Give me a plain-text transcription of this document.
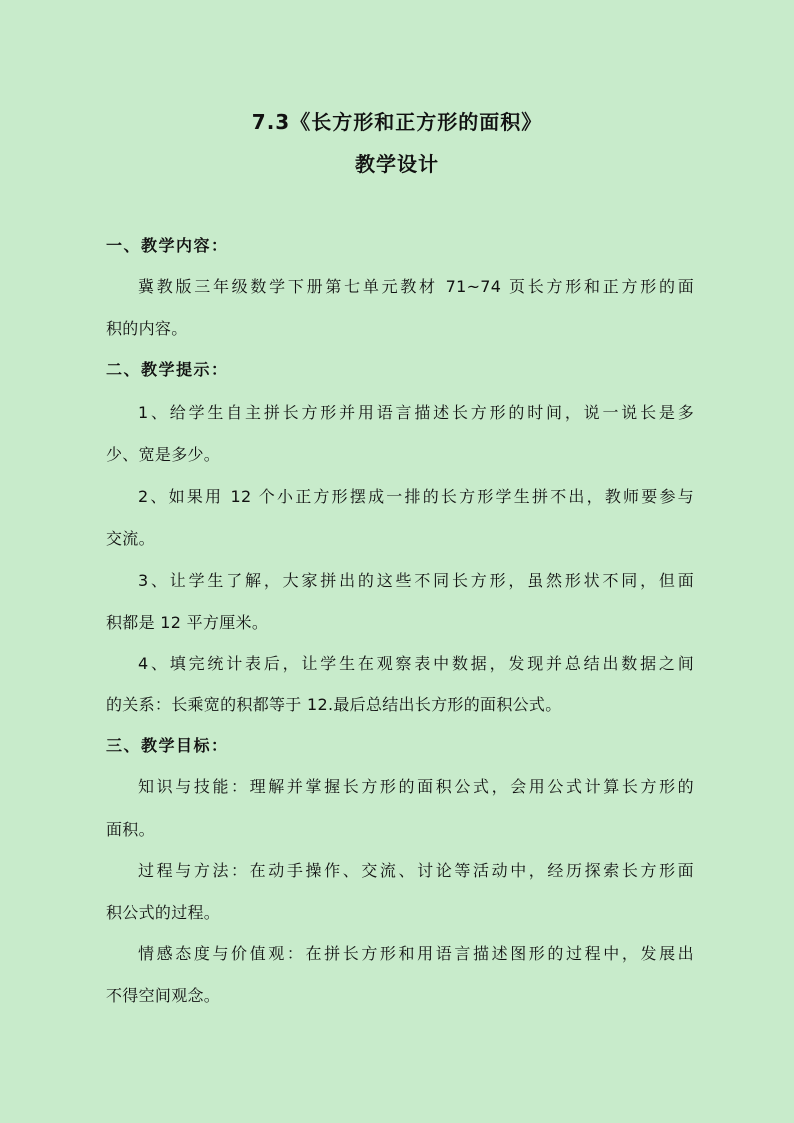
7.3《长方形和正方形的面积》
教学设计
一、教学内容：
冀教版三年级数学下册第七单元教材 71~74 页长方形和正方形的面
积的内容。
二、教学提示：
1、给学生自主拼长方形并用语言描述长方形的时间，说一说长是多
少、宽是多少。
2、如果用 12 个小正方形摆成一排的长方形学生拼不出，教师要参与
交流。
3、让学生了解，大家拼出的这些不同长方形，虽然形状不同，但面
积都是 12 平方厘米。
4、填完统计表后，让学生在观察表中数据，发现并总结出数据之间
的关系：长乘宽的积都等于 12.最后总结出长方形的面积公式。
三、教学目标：
知识与技能：理解并掌握长方形的面积公式，会用公式计算长方形的
面积。
过程与方法：在动手操作、交流、讨论等活动中，经历探索长方形面
积公式的过程。
情感态度与价值观：在拼长方形和用语言描述图形的过程中，发展出
不得空间观念。
